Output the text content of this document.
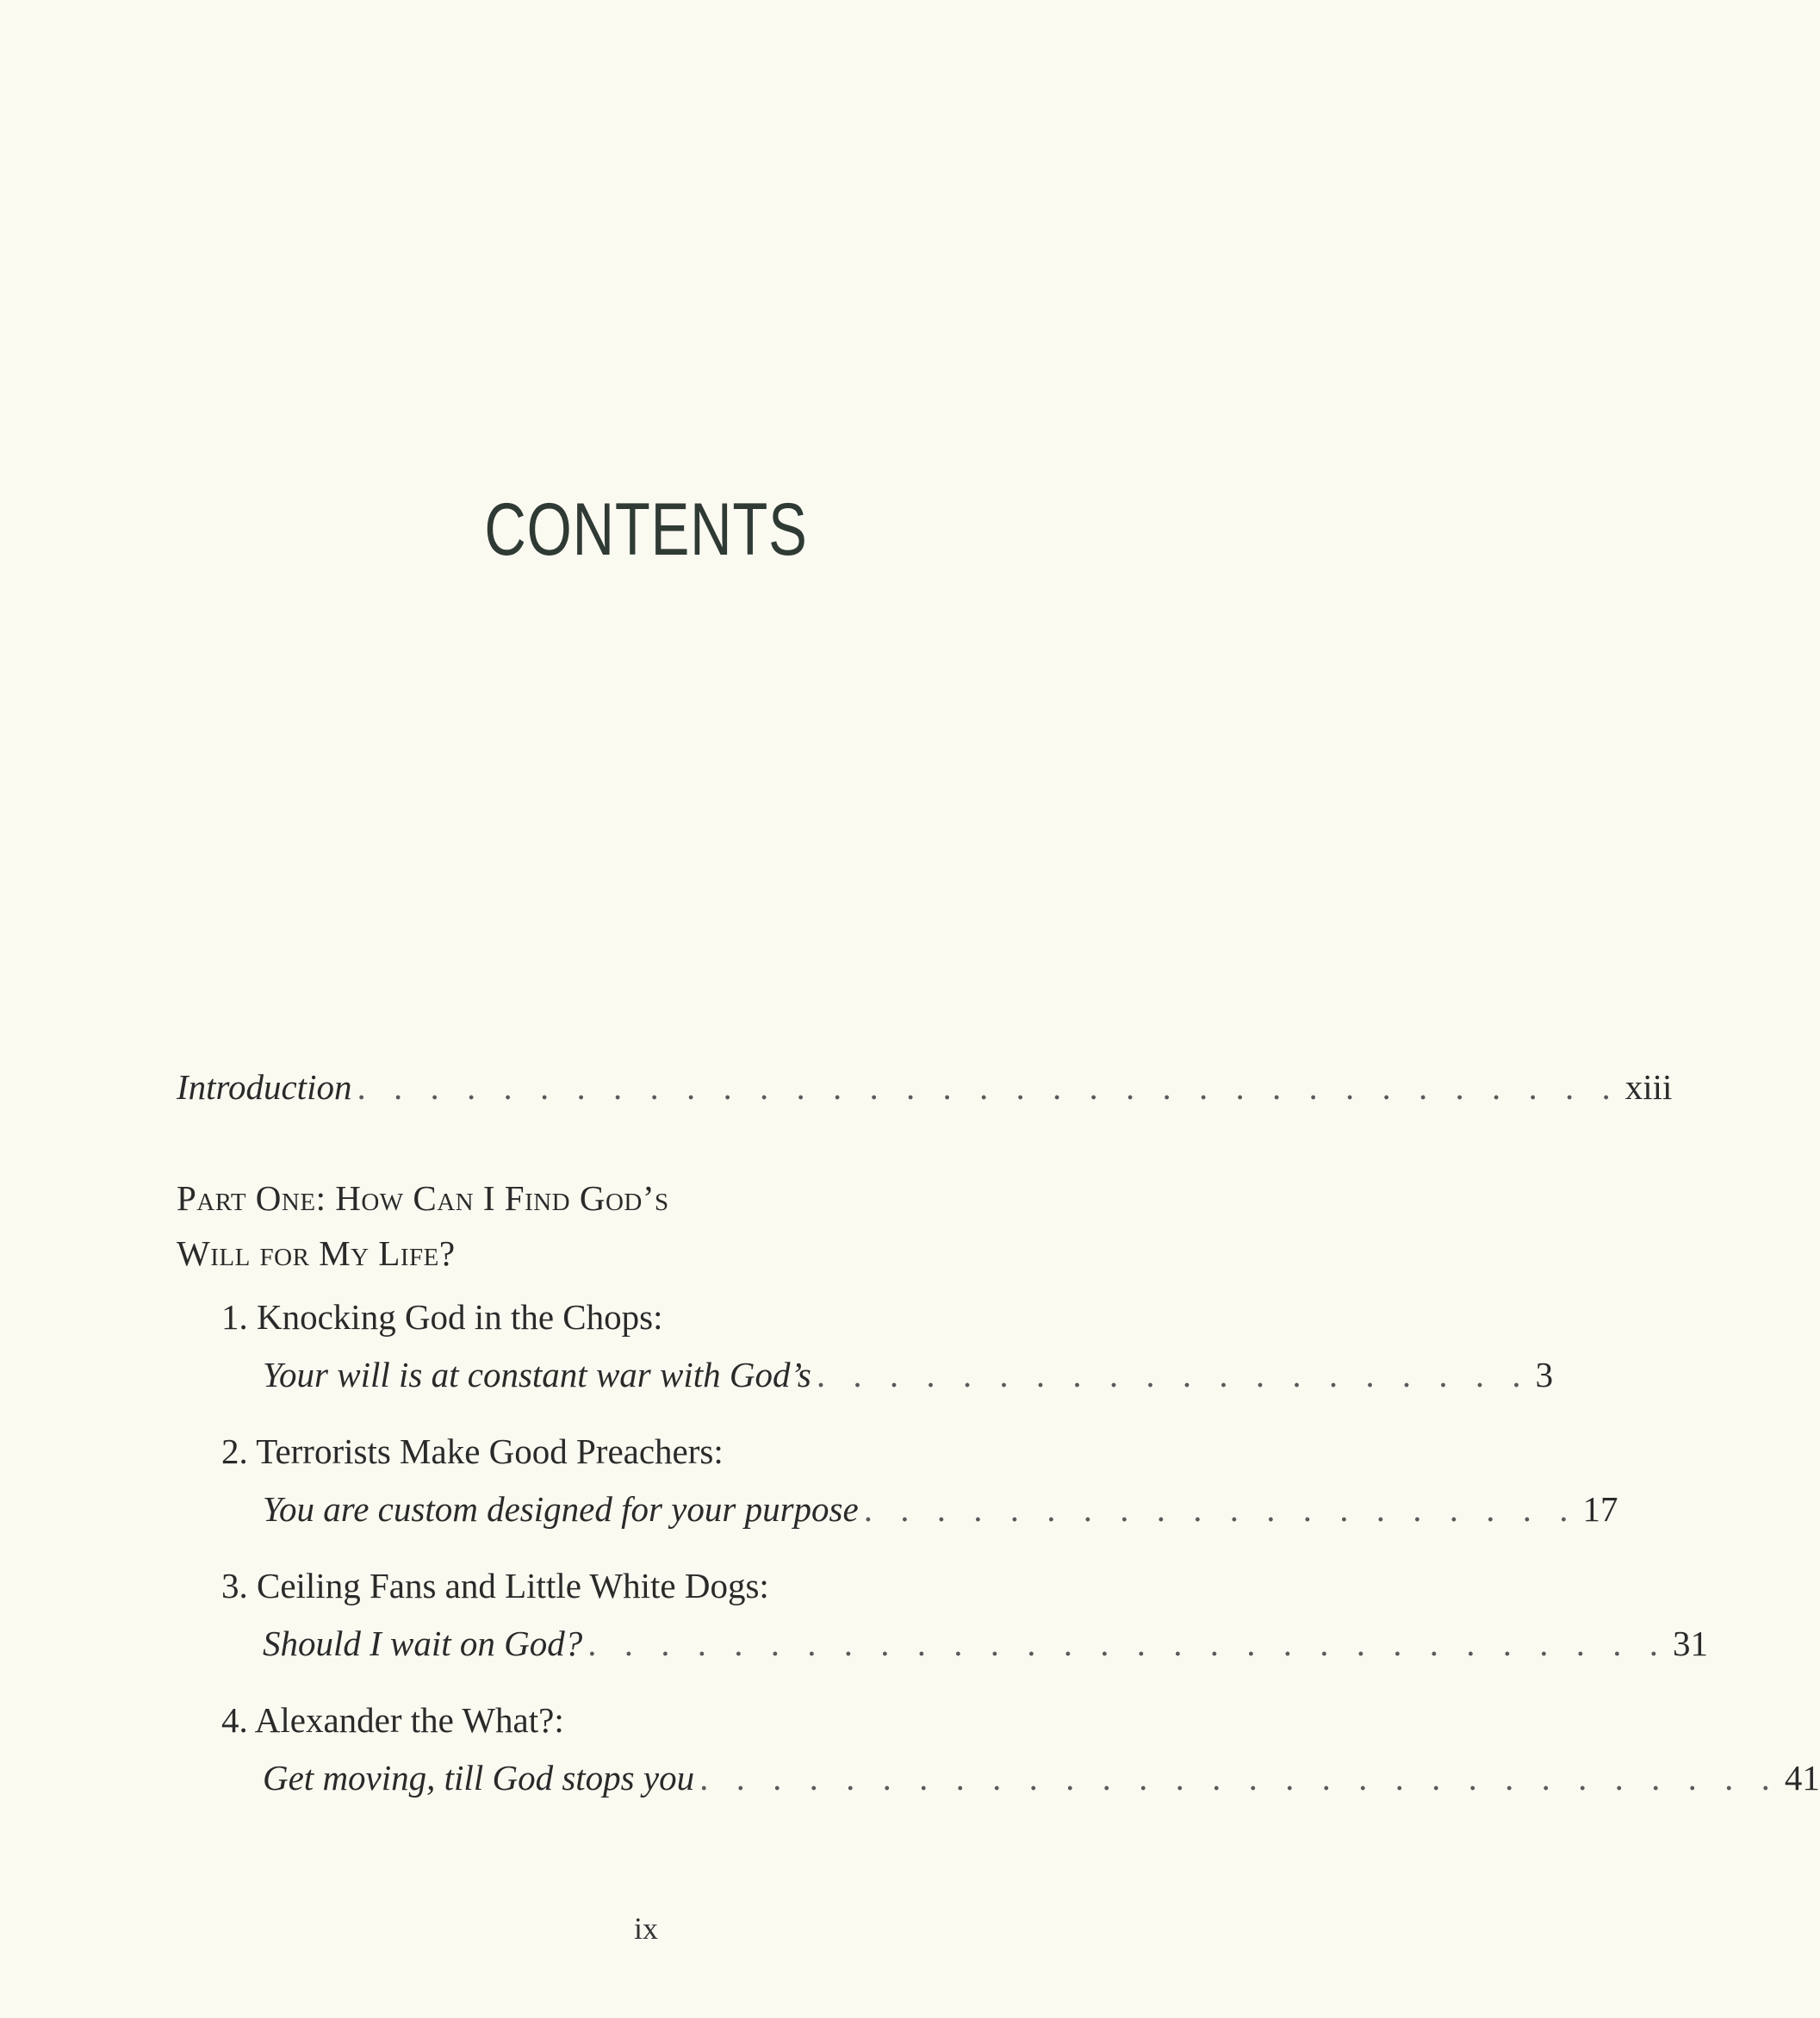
CONTENTS
Introduction . . . . . . . . . . . . . . . . . . . . . . . . . . . . . . . . . . . xiii
Part One: How Can I Find God’s
Will for My Life?
1. Knocking God in the Chops:
Your will is at constant war with God’s . . . . . . . . . . . . . . . . . . . . 3
2. Terrorists Make Good Preachers:
You are custom designed for your purpose . . . . . . . . . . . . . . . . . . . . 17
3. Ceiling Fans and Little White Dogs:
Should I wait on God? . . . . . . . . . . . . . . . . . . . . . . . . . . . . . . 31
4. Alexander the What?:
Get moving, till God stops you . . . . . . . . . . . . . . . . . . . . . . . . . . . . . . 41
ix
